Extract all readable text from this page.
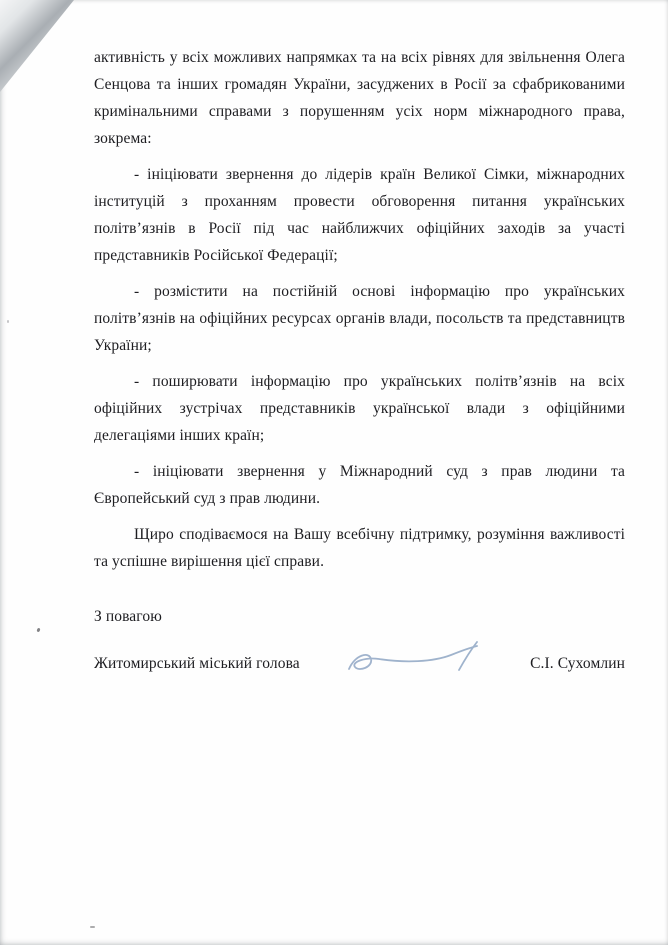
активність у всіх можливих напрямках та на всіх рівнях для звільнення Олега Сенцова та інших громадян України, засуджених в Росії за сфабрикованими кримінальними справами з порушенням усіх норм міжнародного права, зокрема:

- ініціювати звернення до лідерів країн Великої Сімки, міжнародних інституцій з проханням провести обговорення питання українських політв’язнів в Росії під час найближчих офіційних заходів за участі представників Російської Федерації;

- розмістити на постійній основі інформацію про українських політв’язнів на офіційних ресурсах органів влади, посольств та представництв України;

- поширювати інформацію про українських політв’язнів на всіх офіційних зустрічах представників української влади з офіційними делегаціями інших країн;

- ініціювати звернення у Міжнародний суд з прав людини та Європейський суд з прав людини.

Щиро сподіваємося на Вашу всебічну підтримку, розуміння важливості та успішне вирішення цієї справи.

З повагою

Житомирський міський голова	С.І. Сухомлин
